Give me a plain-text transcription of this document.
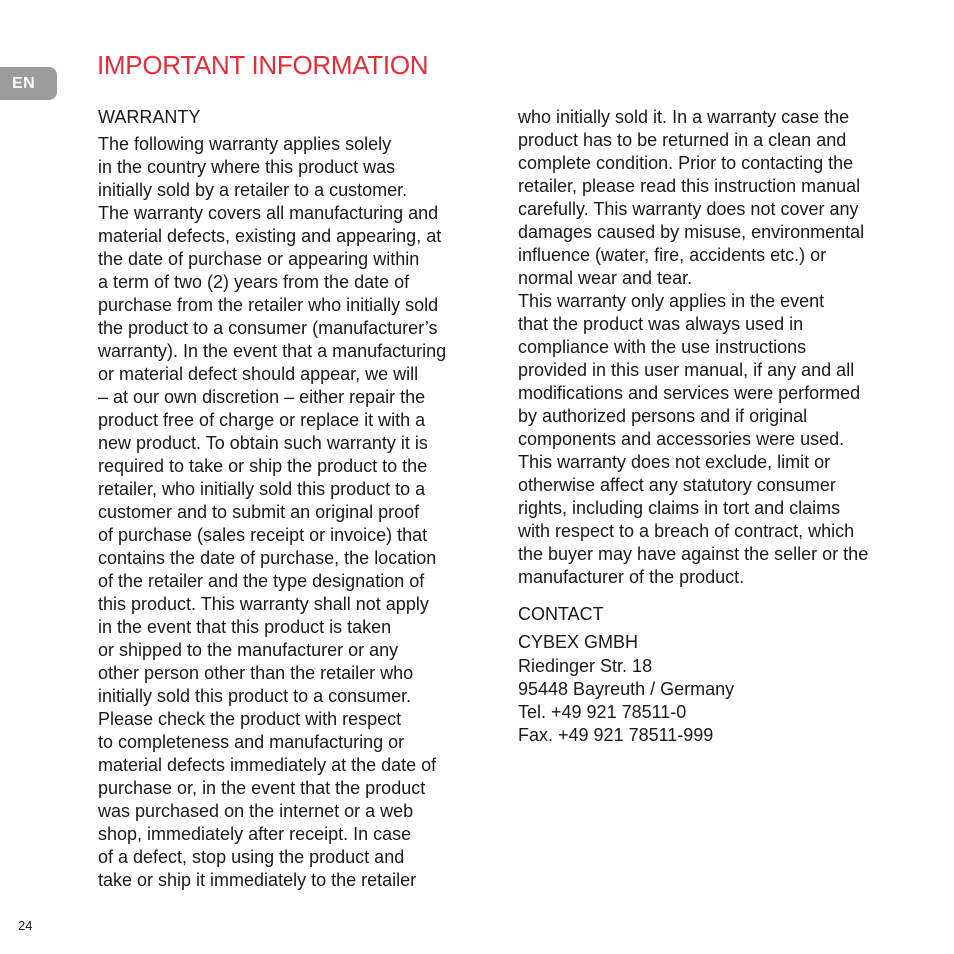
EN
IMPORTANT INFORMATION
WARRANTY
The following warranty applies solely
in the country where this product was
initially sold by a retailer to a customer.
The warranty covers all manufacturing and
material defects, existing and appearing, at
the date of purchase or appearing within
a term of two (2) years from the date of
purchase from the retailer who initially sold
the product to a consumer (manufacturer’s
warranty). In the event that a manufacturing
or material defect should appear, we will
– at our own discretion – either repair the
product free of charge or replace it with a
new product. To obtain such warranty it is
required to take or ship the product to the
retailer, who initially sold this product to a
customer and to submit an original proof
of purchase (sales receipt or invoice) that
contains the date of purchase, the location
of the retailer and the type designation of
this product. This warranty shall not apply
in the event that this product is taken
or shipped to the manufacturer or any
other person other than the retailer who
initially sold this product to a consumer.
Please check the product with respect
to completeness and manufacturing or
material defects immediately at the date of
purchase or, in the event that the product
was purchased on the internet or a web
shop, immediately after receipt. In case
of a defect, stop using the product and
take or ship it immediately to the retailer
who initially sold it. In a warranty case the
product has to be returned in a clean and
complete condition. Prior to contacting the
retailer, please read this instruction manual
carefully. This warranty does not cover any
damages caused by misuse, environmental
influence (water, fire, accidents etc.) or
normal wear and tear.
This warranty only applies in the event
that the product was always used in
compliance with the use instructions
provided in this user manual, if any and all
modifications and services were performed
by authorized persons and if original
components and accessories were used.
This warranty does not exclude, limit or
otherwise affect any statutory consumer
rights, including claims in tort and claims
with respect to a breach of contract, which
the buyer may have against the seller or the
manufacturer of the product.
CONTACT
CYBEX GMBH
Riedinger Str. 18
95448 Bayreuth / Germany
Tel. +49 921 78511-0
Fax. +49 921 78511-999
24
